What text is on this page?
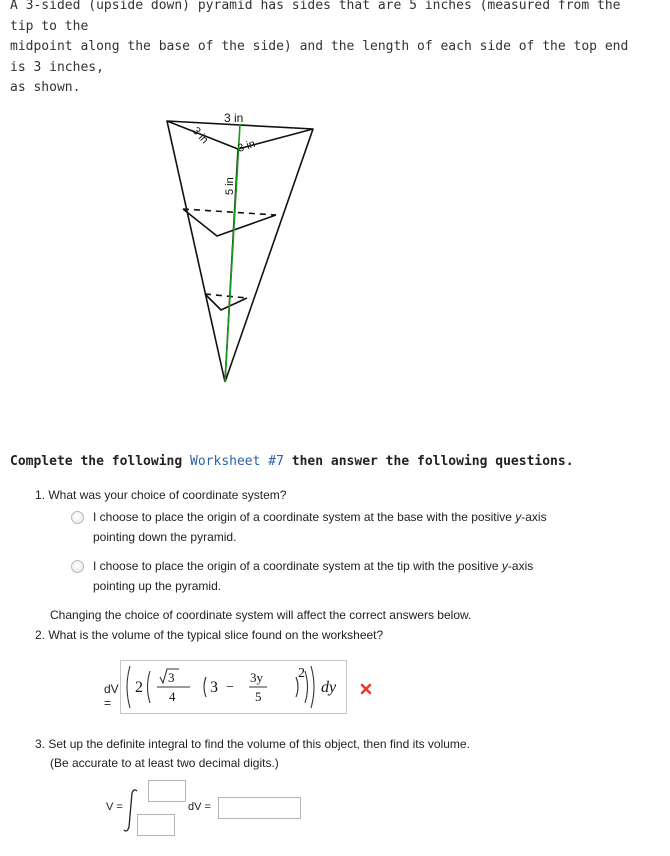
A 3-sided (upside down) pyramid has sides that are 5 inches (measured from the tip to the
midpoint along the base of the side) and the length of each side of the top end is 3 inches,
as shown.
3 in
3 in
3 in
5 in
Complete the following Worksheet #7 then answer the following questions.
1. What was your choice of coordinate system?
I choose to place the origin of a coordinate system at the base with the positive y-axis
pointing down the pyramid.
I choose to place the origin of a coordinate system at the tip with the positive y-axis
pointing up the pyramid.
Changing the choice of coordinate system will affect the correct answers below.
2. What is the volume of the typical slice found on the worksheet?
dV =
2
3
4
3 −
3y
5
2
dy
3. Set up the definite integral to find the volume of this object, then find its volume.
(Be accurate to at least two decimal digits.)
V =	dV =
